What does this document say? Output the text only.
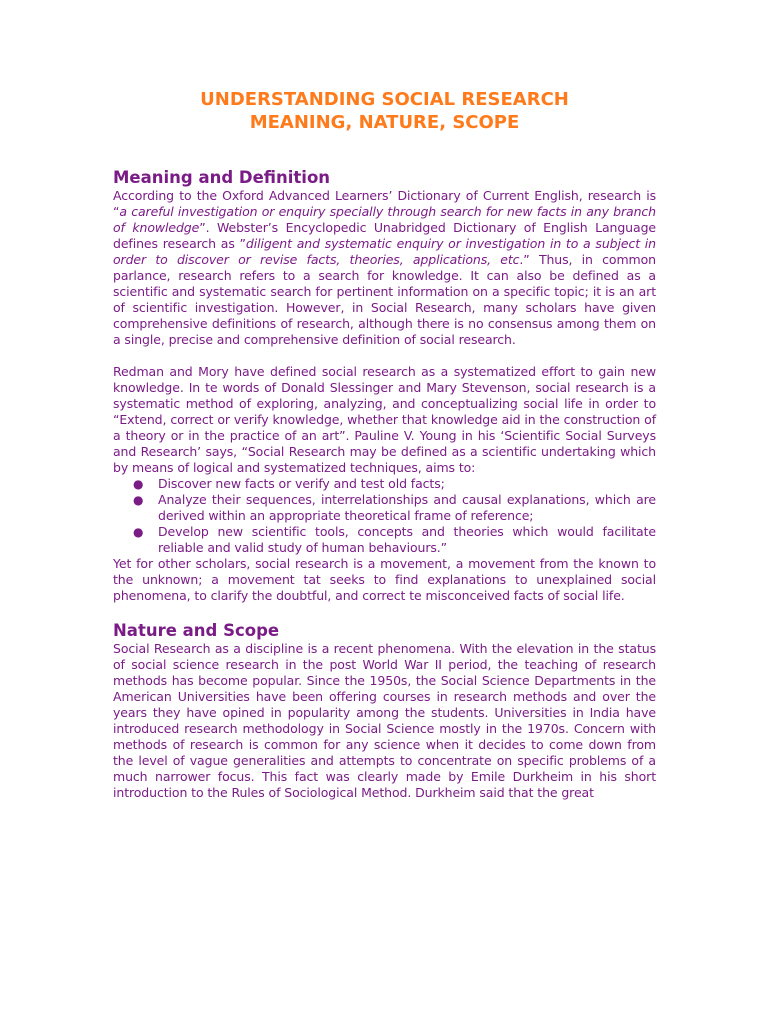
UNDERSTANDING SOCIAL RESEARCH
MEANING, NATURE, SCOPE
Meaning and Definition

According to the Oxford Advanced Learners’ Dictionary of Current English, research is “a careful investigation or enquiry specially through search for new facts in any branch of knowledge”. Webster’s Encyclopedic Unabridged Dictionary of English Language defines research as ”diligent and systematic enquiry or investigation in to a subject in order to discover or revise facts, theories, applications, etc.” Thus, in common parlance, research refers to a search for knowledge. It can also be defined as a scientific and systematic search for pertinent information on a specific topic; it is an art of scientific investigation. However, in Social Research, many scholars have given comprehensive definitions of research, although there is no consensus among them on a single, precise and comprehensive definition of social research.

Redman and Mory have defined social research as a systematized effort to gain new knowledge. In te words of Donald Slessinger and Mary Stevenson, social research is a systematic method of exploring, analyzing, and conceptualizing social life in order to “Extend, correct or verify knowledge, whether that knowledge aid in the construction of a theory or in the practice of an art”. Pauline V. Young in his ‘Scientific Social Surveys and Research’ says, “Social Research may be defined as a scientific undertaking which by means of logical and systematized techniques, aims to:

● Discover new facts or verify and test old facts;
● Analyze their sequences, interrelationships and causal explanations, which are derived within an appropriate theoretical frame of reference;
● Develop new scientific tools, concepts and theories which would facilitate reliable and valid study of human behaviours.”

Yet for other scholars, social research is a movement, a movement from the known to the unknown; a movement tat seeks to find explanations to unexplained social phenomena, to clarify the doubtful, and correct te misconceived facts of social life.

Nature and Scope

Social Research as a discipline is a recent phenomena. With the elevation in the status of social science research in the post World War II period, the teaching of research methods has become popular. Since the 1950s, the Social Science Departments in the American Universities have been offering courses in research methods and over the years they have opined in popularity among the students. Universities in India have introduced research methodology in Social Science mostly in the 1970s. Concern with methods of research is common for any science when it decides to come down from the level of vague generalities and attempts to concentrate on specific problems of a much narrower focus. This fact was clearly made by Emile Durkheim in his short introduction to the Rules of Sociological Method. Durkheim said that the great
